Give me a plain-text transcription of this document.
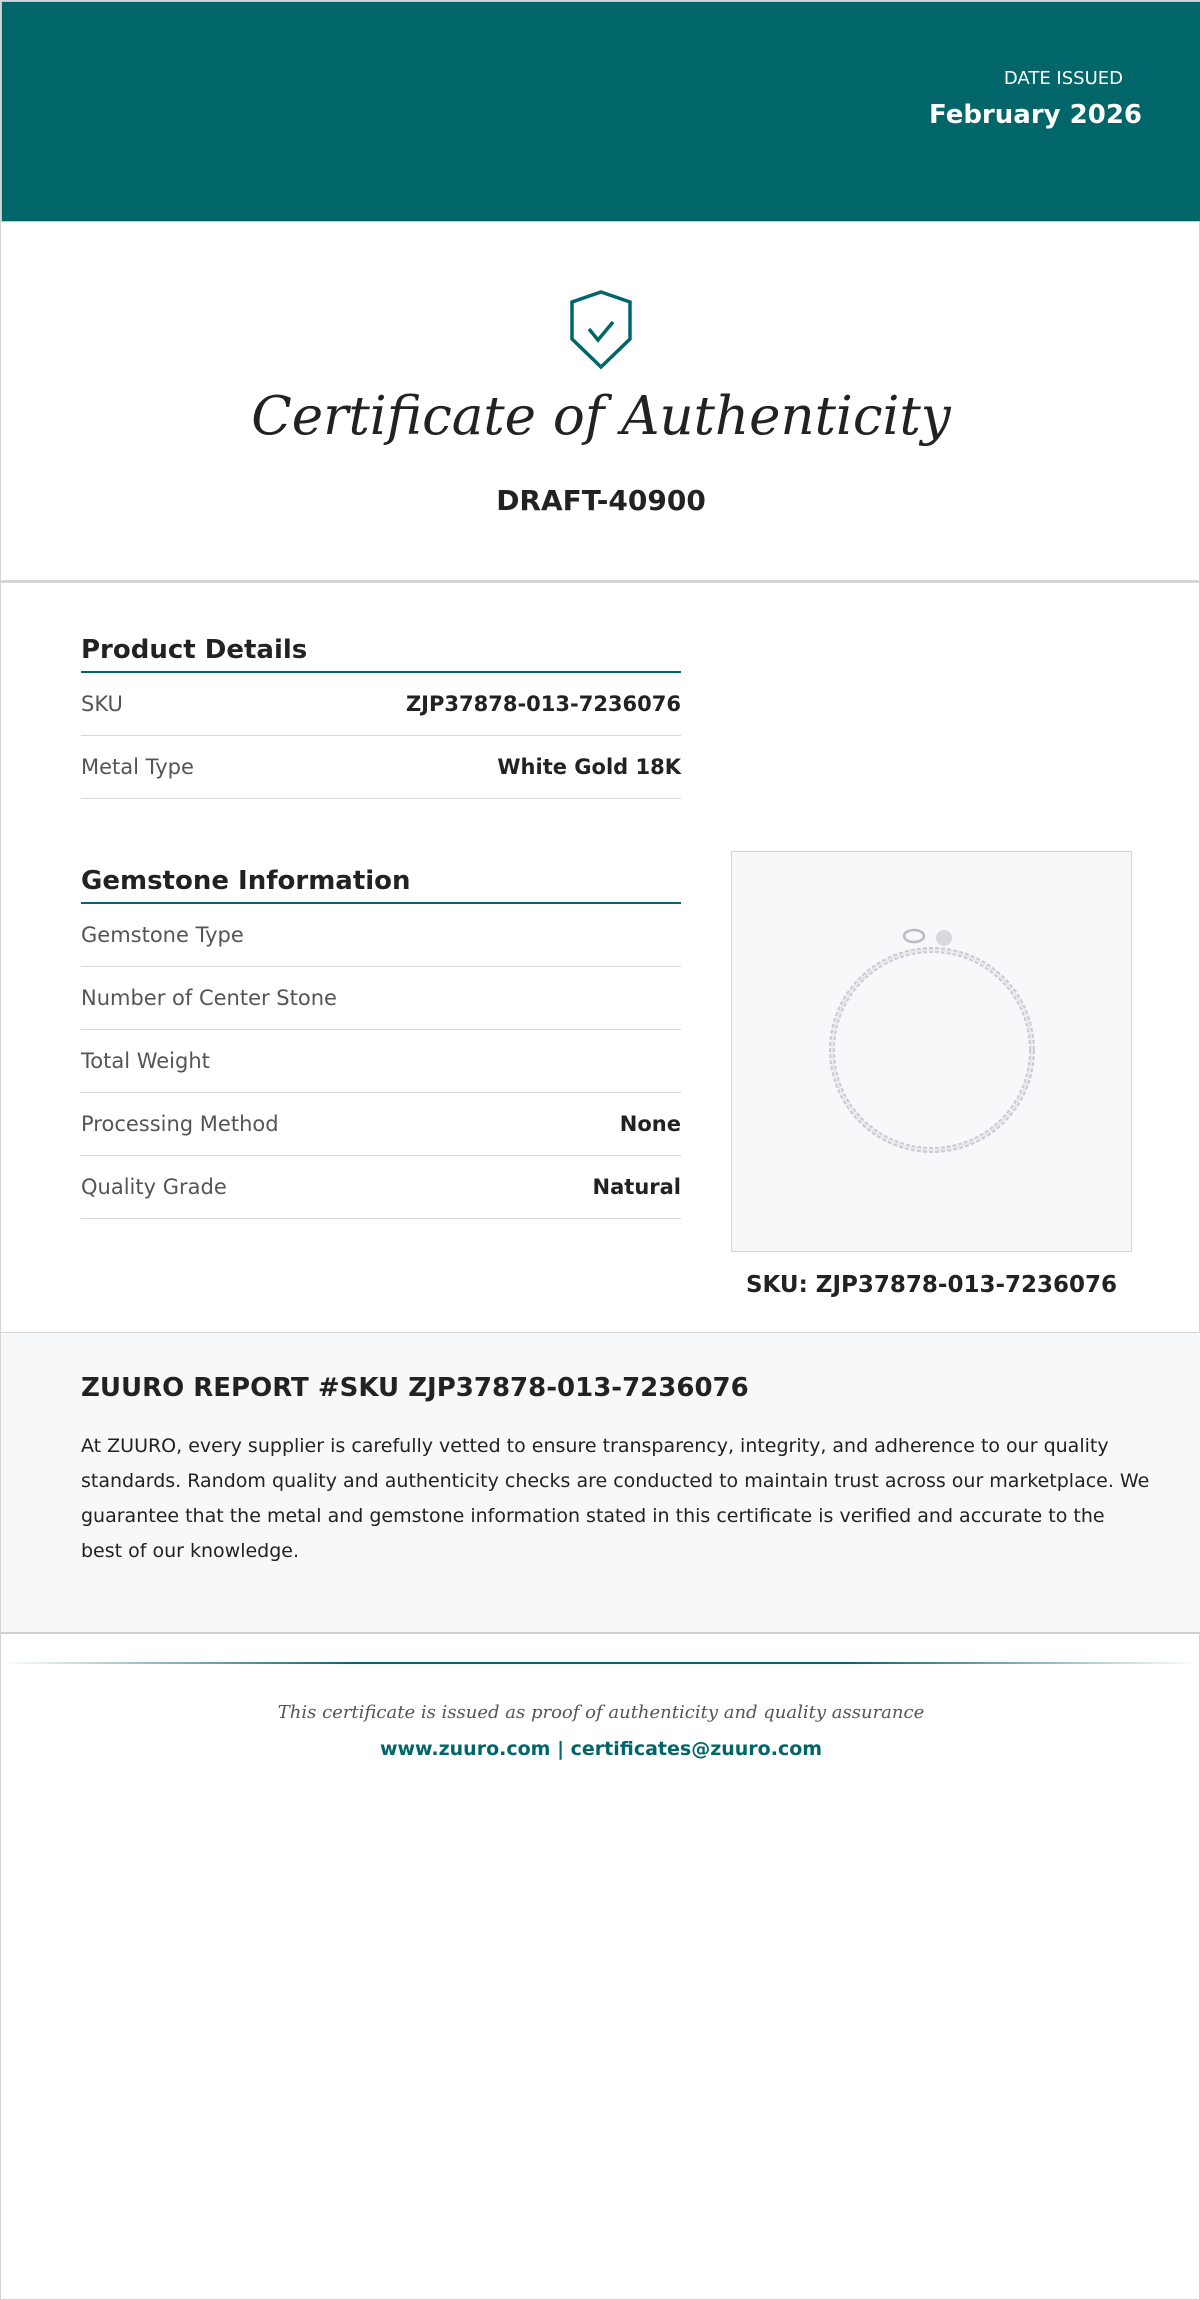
DATE ISSUED
February 2026
Certificate of Authenticity
DRAFT-40900
Product Details
SKU	ZJP37878-013-7236076
Metal Type	White Gold 18K
Gemstone Information
Gemstone Type
Number of Center Stone
Total Weight
Processing Method	None
Quality Grade	Natural
SKU: ZJP37878-013-7236076
ZUURO REPORT #SKU ZJP37878-013-7236076

At ZUURO, every supplier is carefully vetted to ensure transparency, integrity, and adherence to our quality standards. Random quality and authenticity checks are conducted to maintain trust across our marketplace. We guarantee that the metal and gemstone information stated in this certificate is verified and accurate to the best of our knowledge.

This certificate is issued as proof of authenticity and quality assurance
www.zuuro.com | certificates@zuuro.com
